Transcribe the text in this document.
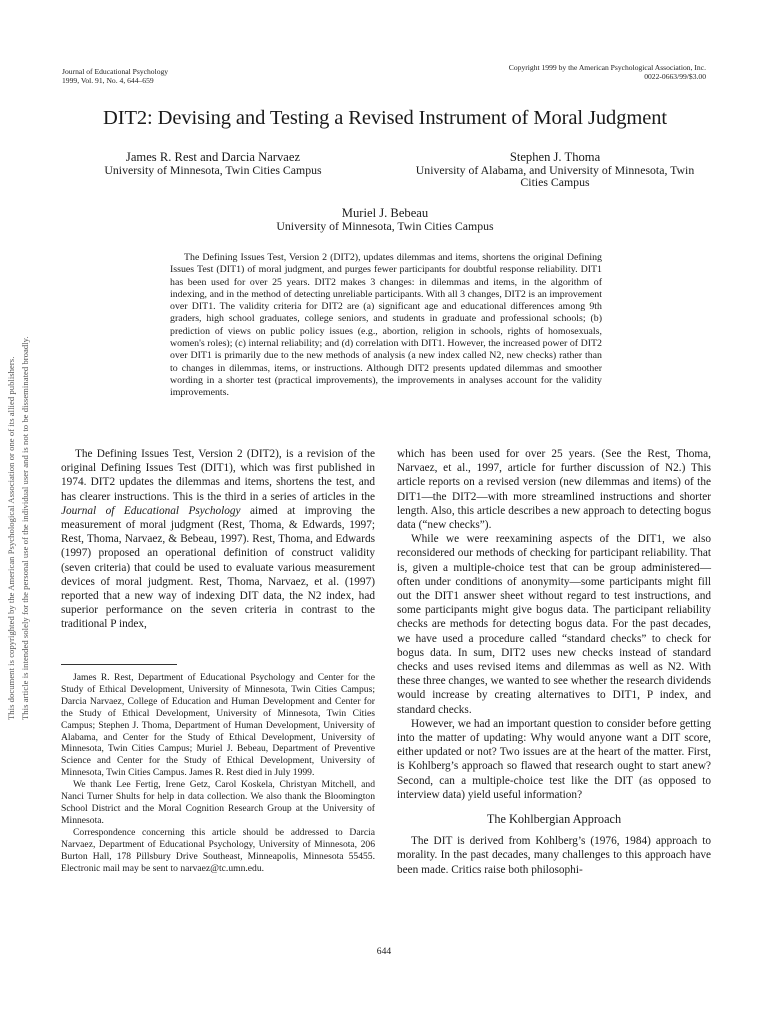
This document is copyrighted by the American Psychological Association or one of its allied publishers. This article is intended solely for the personal use of the individual user and is not to be disseminated broadly.
Journal of Educational Psychology
1999, Vol. 91, No. 4, 644–659
Copyright 1999 by the American Psychological Association, Inc.
0022-0663/99/$3.00
DIT2: Devising and Testing a Revised Instrument of Moral Judgment
James R. Rest and Darcia Narvaez
University of Minnesota, Twin Cities Campus
Stephen J. Thoma
University of Alabama, and University of Minnesota, Twin Cities Campus
Muriel J. Bebeau
University of Minnesota, Twin Cities Campus

The Defining Issues Test, Version 2 (DIT2), updates dilemmas and items, shortens the original Defining Issues Test (DIT1) of moral judgment, and purges fewer participants for doubtful response reliability. DIT1 has been used for over 25 years. DIT2 makes 3 changes: in dilemmas and items, in the algorithm of indexing, and in the method of detecting unreliable participants. With all 3 changes, DIT2 is an improvement over DIT1. The validity criteria for DIT2 are (a) significant age and educational differences among 9th graders, high school graduates, college seniors, and students in graduate and professional schools; (b) prediction of views on public policy issues (e.g., abortion, religion in schools, rights of homosexuals, women's roles); (c) internal reliability; and (d) correlation with DIT1. However, the increased power of DIT2 over DIT1 is primarily due to the new methods of analysis (a new index called N2, new checks) rather than to changes in dilemmas, items, or instructions. Although DIT2 presents updated dilemmas and smoother wording in a shorter test (practical improvements), the improvements in analyses account for the validity improvements.

The Defining Issues Test, Version 2 (DIT2), is a revision of the original Defining Issues Test (DIT1), which was first published in 1974. DIT2 updates the dilemmas and items, shortens the test, and has clearer instructions. This is the third in a series of articles in the Journal of Educational Psychology aimed at improving the measurement of moral judgment (Rest, Thoma, & Edwards, 1997; Rest, Thoma, Narvaez, & Bebeau, 1997). Rest, Thoma, and Edwards (1997) proposed an operational definition of construct validity (seven criteria) that could be used to evaluate various measurement devices of moral judgment. Rest, Thoma, Narvaez, et al. (1997) reported that a new way of indexing DIT data, the N2 index, had superior performance on the seven criteria in contrast to the traditional P index,

James R. Rest, Department of Educational Psychology and Center for the Study of Ethical Development, University of Minnesota, Twin Cities Campus; Darcia Narvaez, College of Education and Human Development and Center for the Study of Ethical Development, University of Minnesota, Twin Cities Campus; Stephen J. Thoma, Department of Human Development, University of Alabama, and Center for the Study of Ethical Development, University of Minnesota, Twin Cities Campus; Muriel J. Bebeau, Department of Preventive Science and Center for the Study of Ethical Development, University of Minnesota, Twin Cities Campus. James R. Rest died in July 1999.

We thank Lee Fertig, Irene Getz, Carol Koskela, Christyan Mitchell, and Nanci Turner Shults for help in data collection. We also thank the Bloomington School District and the Moral Cognition Research Group at the University of Minnesota.

Correspondence concerning this article should be addressed to Darcia Narvaez, Department of Educational Psychology, University of Minnesota, 206 Burton Hall, 178 Pillsbury Drive Southeast, Minneapolis, Minnesota 55455. Electronic mail may be sent to narvaez@tc.umn.edu.

which has been used for over 25 years. (See the Rest, Thoma, Narvaez, et al., 1997, article for further discussion of N2.) This article reports on a revised version (new dilemmas and items) of the DIT1—the DIT2—with more streamlined instructions and shorter length. Also, this article describes a new approach to detecting bogus data (“new checks”).

While we were reexamining aspects of the DIT1, we also reconsidered our methods of checking for participant reliability. That is, given a multiple-choice test that can be group administered—often under conditions of anonymity—some participants might fill out the DIT1 answer sheet without regard to test instructions, and some participants might give bogus data. The participant reliability checks are methods for detecting bogus data. For the past decades, we have used a procedure called “standard checks” to check for bogus data. In sum, DIT2 uses new checks instead of standard checks and uses revised items and dilemmas as well as N2. With these three changes, we wanted to see whether the research dividends would increase by creating alternatives to DIT1, P index, and standard checks.

However, we had an important question to consider before getting into the matter of updating: Why would anyone want a DIT score, either updated or not? Two issues are at the heart of the matter. First, is Kohlberg’s approach so flawed that research ought to start anew? Second, can a multiple-choice test like the DIT (as opposed to interview data) yield useful information?

The Kohlbergian Approach

The DIT is derived from Kohlberg’s (1976, 1984) approach to morality. In the past decades, many challenges to this approach have been made. Critics raise both philosophi-

644
